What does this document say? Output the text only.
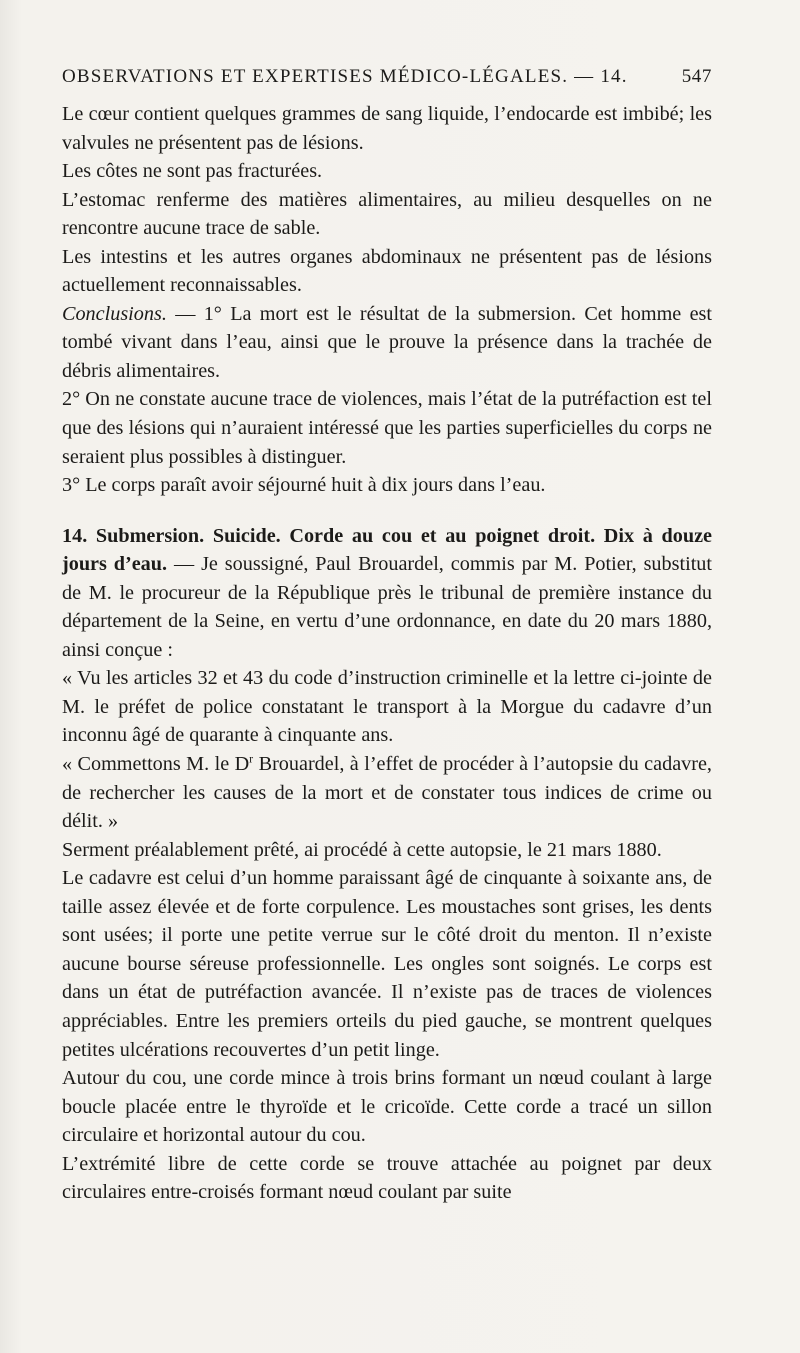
OBSERVATIONS ET EXPERTISES MÉDICO-LÉGALES. — 14.	547

Le cœur contient quelques grammes de sang liquide, l’endocarde est imbibé; les valvules ne présentent pas de lésions.

Les côtes ne sont pas fracturées.

L’estomac renferme des matières alimentaires, au milieu desquelles on ne rencontre aucune trace de sable.

Les intestins et les autres organes abdominaux ne présentent pas de lésions actuellement reconnaissables.

Conclusions. — 1° La mort est le résultat de la submersion. Cet homme est tombé vivant dans l’eau, ainsi que le prouve la présence dans la trachée de débris alimentaires.

2° On ne constate aucune trace de violences, mais l’état de la putréfaction est tel que des lésions qui n’auraient intéressé que les parties superficielles du corps ne seraient plus possibles à distinguer.

3° Le corps paraît avoir séjourné huit à dix jours dans l’eau.

14. Submersion. Suicide. Corde au cou et au poignet droit. Dix à douze jours d’eau. — Je soussigné, Paul Brouardel, commis par M. Potier, substitut de M. le procureur de la République près le tribunal de première instance du département de la Seine, en vertu d’une ordonnance, en date du 20 mars 1880, ainsi conçue :

« Vu les articles 32 et 43 du code d’instruction criminelle et la lettre ci-jointe de M. le préfet de police constatant le transport à la Morgue du cadavre d’un inconnu âgé de quarante à cinquante ans.

« Commettons M. le $D^r$ Brouardel, à l’effet de procéder à l’autopsie du cadavre, de rechercher les causes de la mort et de constater tous indices de crime ou délit. »

Serment préalablement prêté, ai procédé à cette autopsie, le 21 mars 1880.

Le cadavre est celui d’un homme paraissant âgé de cinquante à soixante ans, de taille assez élevée et de forte corpulence. Les moustaches sont grises, les dents sont usées; il porte une petite verrue sur le côté droit du menton. Il n’existe aucune bourse séreuse professionnelle. Les ongles sont soignés. Le corps est dans un état de putréfaction avancée. Il n’existe pas de traces de violences appréciables. Entre les premiers orteils du pied gauche, se montrent quelques petites ulcérations recouvertes d’un petit linge.

Autour du cou, une corde mince à trois brins formant un nœud coulant à large boucle placée entre le thyroïde et le cricoïde. Cette corde a tracé un sillon circulaire et horizontal autour du cou.

L’extrémité libre de cette corde se trouve attachée au poignet par deux circulaires entre-croisés formant nœud coulant par suite
